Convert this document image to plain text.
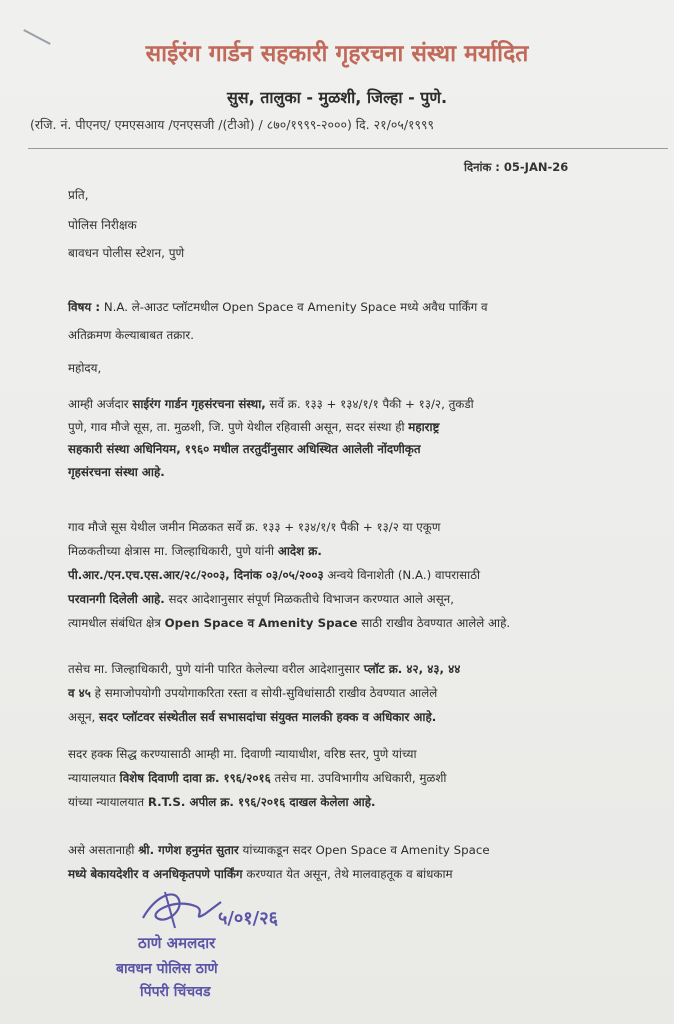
साईरंग गार्डन सहकारी गृहरचना संस्था मर्यादित
सुस, तालुका - मुळशी, जिल्हा - पुणे.
(रजि. नं. पीएनए/ एमएसआय /एनएसजी /(टीओ) / ८७०/१९९९-२०००) दि. २१/०५/१९९९
दिनांक : 05-JAN-26
प्रति,
पोलिस निरीक्षक
बावधन पोलीस स्टेशन, पुणे
विषय : N.A. ले-आउट प्लॉटमधील Open Space व Amenity Space मध्ये अवैध पार्किंग व
अतिक्रमण केल्याबाबत तक्रार.
महोदय,
आम्ही अर्जदार साईरंग गार्डन गृहसंरचना संस्था, सर्वे क्र. १३३ + १३४/१/१ पैकी + १३/२, तुकडी
पुणे, गाव मौजे सूस, ता. मुळशी, जि. पुणे येथील रहिवासी असून, सदर संस्था ही महाराष्ट्र
सहकारी संस्था अधिनियम, १९६० मधील तरतुदींनुसार अधिस्थित आलेली नोंदणीकृत
गृहसंरचना संस्था आहे.
गाव मौजे सूस येथील जमीन मिळकत सर्वे क्र. १३३ + १३४/१/१ पैकी + १३/२ या एकूण
मिळकतीच्या क्षेत्रास मा. जिल्हाधिकारी, पुणे यांनी आदेश क्र.
पी.आर./एन.एच.एस.आर/२८/२००३, दिनांक ०३/०५/२००३ अन्वये विनाशेती (N.A.) वापरासाठी
परवानगी दिलेली आहे. सदर आदेशानुसार संपूर्ण मिळकतीचे विभाजन करण्यात आले असून,
त्यामधील संबंधित क्षेत्र Open Space व Amenity Space साठी राखीव ठेवण्यात आलेले आहे.
तसेच मा. जिल्हाधिकारी, पुणे यांनी पारित केलेल्या वरील आदेशानुसार प्लॉट क्र. ४२, ४३, ४४
व ४५ हे समाजोपयोगी उपयोगाकरिता रस्ता व सोयी-सुविधांसाठी राखीव ठेवण्यात आलेले
असून, सदर प्लॉटवर संस्थेतील सर्व सभासदांचा संयुक्त मालकी हक्क व अधिकार आहे.
सदर हक्क सिद्ध करण्यासाठी आम्ही मा. दिवाणी न्यायाधीश, वरिष्ठ स्तर, पुणे यांच्या
न्यायालयात विशेष दिवाणी दावा क्र. १९६/२०१६ तसेच मा. उपविभागीय अधिकारी, मुळशी
यांच्या न्यायालयात R.T.S. अपील क्र. १९६/२०१६ दाखल केलेला आहे.
असे असतानाही श्री. गणेश हनुमंत सुतार यांच्याकडून सदर Open Space व Amenity Space
मध्ये बेकायदेशीर व अनधिकृतपणे पार्किंग करण्यात येत असून, तेथे मालवाहतूक व बांधकाम
५/०१/२६
ठाणे अमलदार
बावधन पोलिस ठाणे
पिंपरी चिंचवड
